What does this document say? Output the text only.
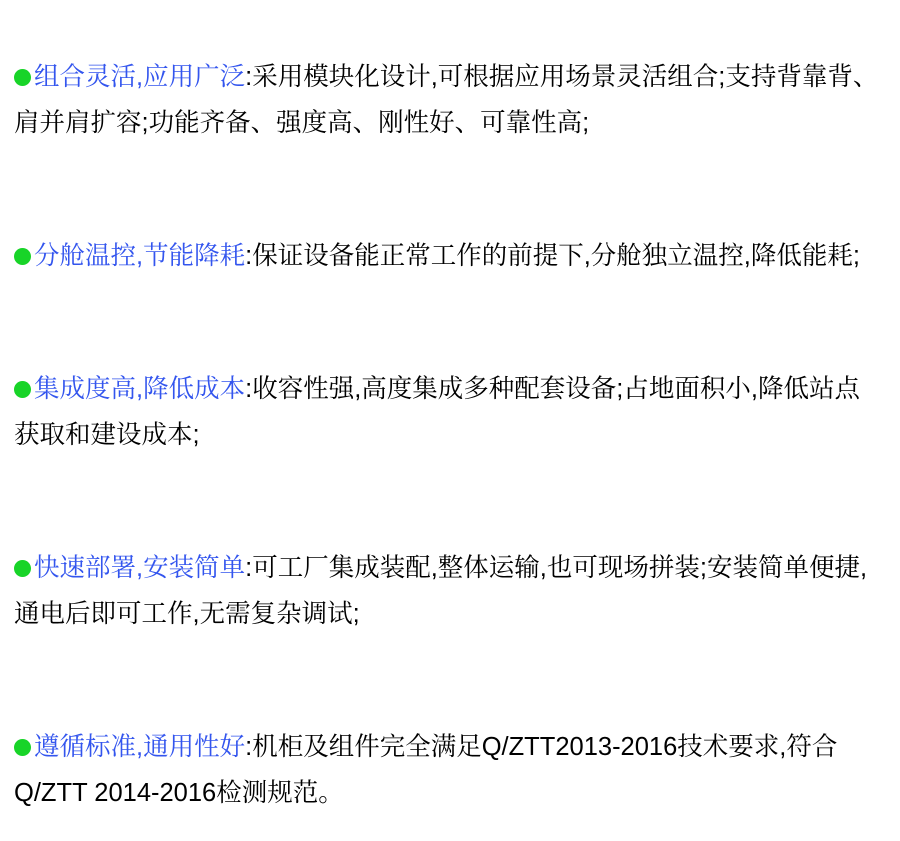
组合灵活,应用广泛:采用模块化设计,可根据应用场景灵活组合;支持背靠背、肩并肩扩容;功能齐备、强度高、刚性好、可靠性高;

分舱温控,节能降耗:保证设备能正常工作的前提下,分舱独立温控,降低能耗;

集成度高,降低成本:收容性强,高度集成多种配套设备;占地面积小,降低站点获取和建设成本;

快速部署,安装简单:可工厂集成装配,整体运输,也可现场拼装;安装简单便捷,通电后即可工作,无需复杂调试;

遵循标准,通用性好:机柜及组件完全满足Q/ZTT2013-2016技术要求,符合Q/ZTT 2014-2016检测规范。
